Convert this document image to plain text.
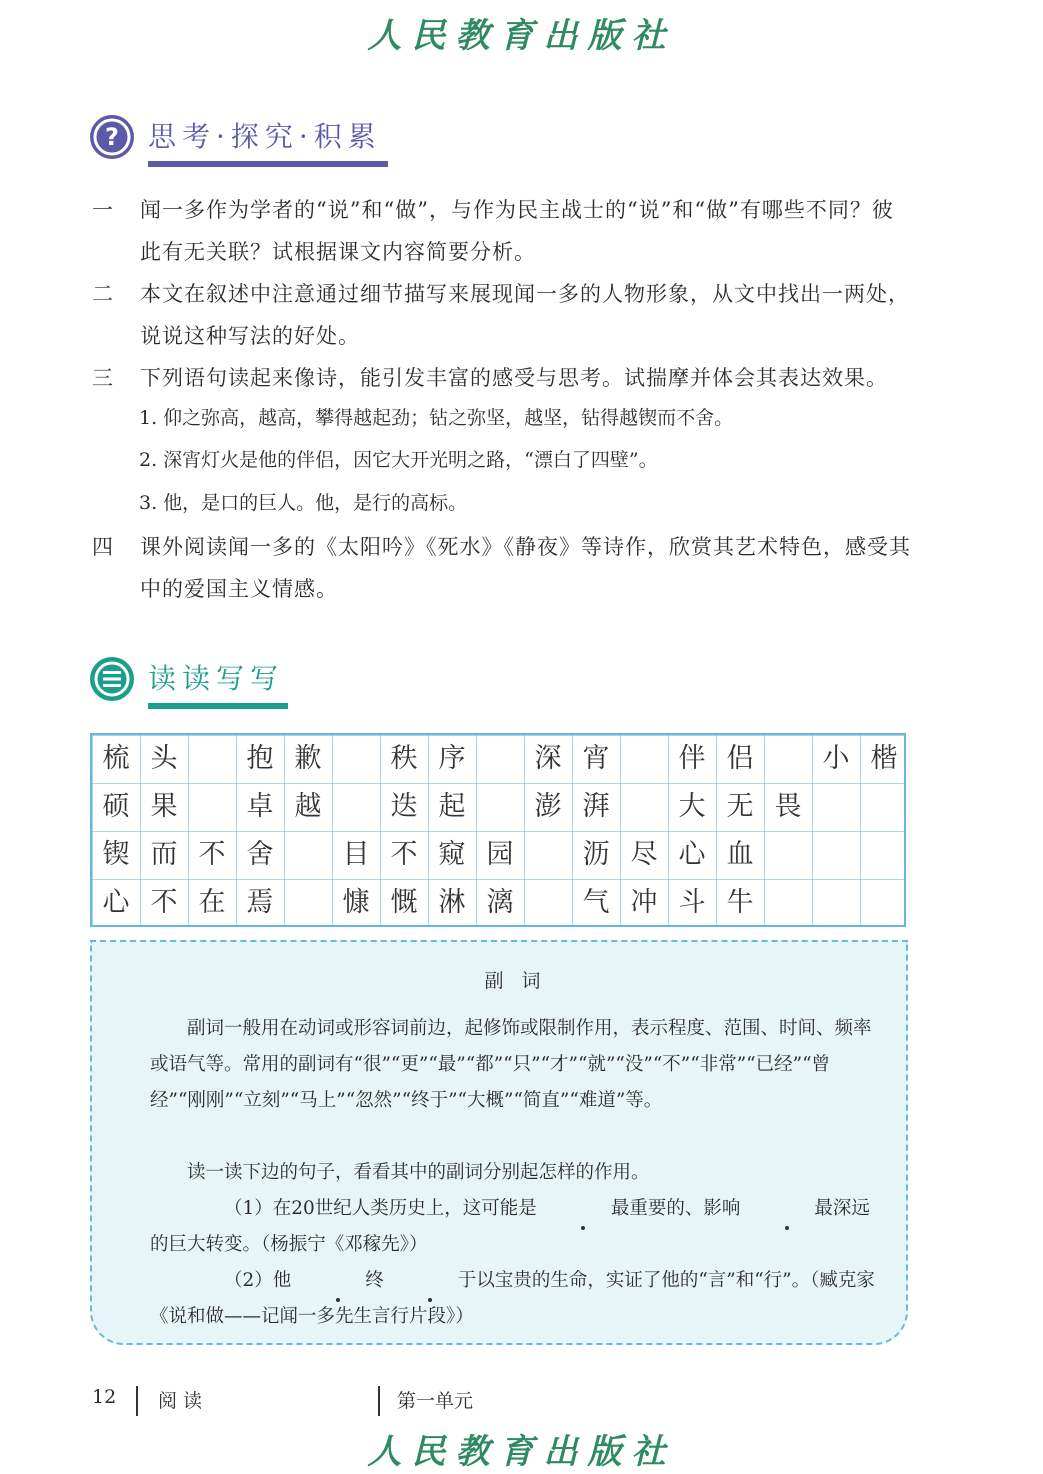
人民教育出版社
? 思考·探究·积累
一 闻一多作为学者的“说”和“做”，与作为民主战士的“说”和“做”有哪些不同？彼此有无关联？试根据课文内容简要分析。
二 本文在叙述中注意通过细节描写来展现闻一多的人物形象，从文中找出一两处，说说这种写法的好处。
三 下列语句读起来像诗，能引发丰富的感受与思考。试揣摩并体会其表达效果。
1. 仰之弥高，越高，攀得越起劲；钻之弥坚，越坚，钻得越锲而不舍。
2. 深宵灯火是他的伴侣，因它大开光明之路，“漂白了四壁”。
3. 他，是口的巨人。他，是行的高标。
四 课外阅读闻一多的《太阳吟》《死水》《静夜》等诗作，欣赏其艺术特色，感受其中的爱国主义情感。
读读写写
梳 头	抱 歉	秩 序	深 宵	伴 侣	小 楷
硕 果	卓 越	迭 起	澎 湃	大 无 畏
锲 而 不 舍	目 不 窥 园	沥 尽 心 血
心 不 在 焉	慷 慨 淋 漓	气 冲 斗 牛
副词
副词一般用在动词或形容词前边，起修饰或限制作用，表示程度、范围、时间、频率或语气等。常用的副词有“很”“更”“最”“都”“只”“才”“就”“没”“不”“非常”“已经”“曾经”“刚刚”“立刻”“马上”“忽然”“终于”“大概”“简直”“难道”等。
读一读下边的句子，看看其中的副词分别起怎样的作用。
（1）在20世纪人类历史上，这可能是	最重要的、影响	最深远的巨大转变。（杨振宁《邓稼先》）
（2）他	终	于以宝贵的生命，实证了他的“言”和“行”。（臧克家《说和做——记闻一多先生言行片段》）
12 阅 读	第一单元
人民教育出版社
